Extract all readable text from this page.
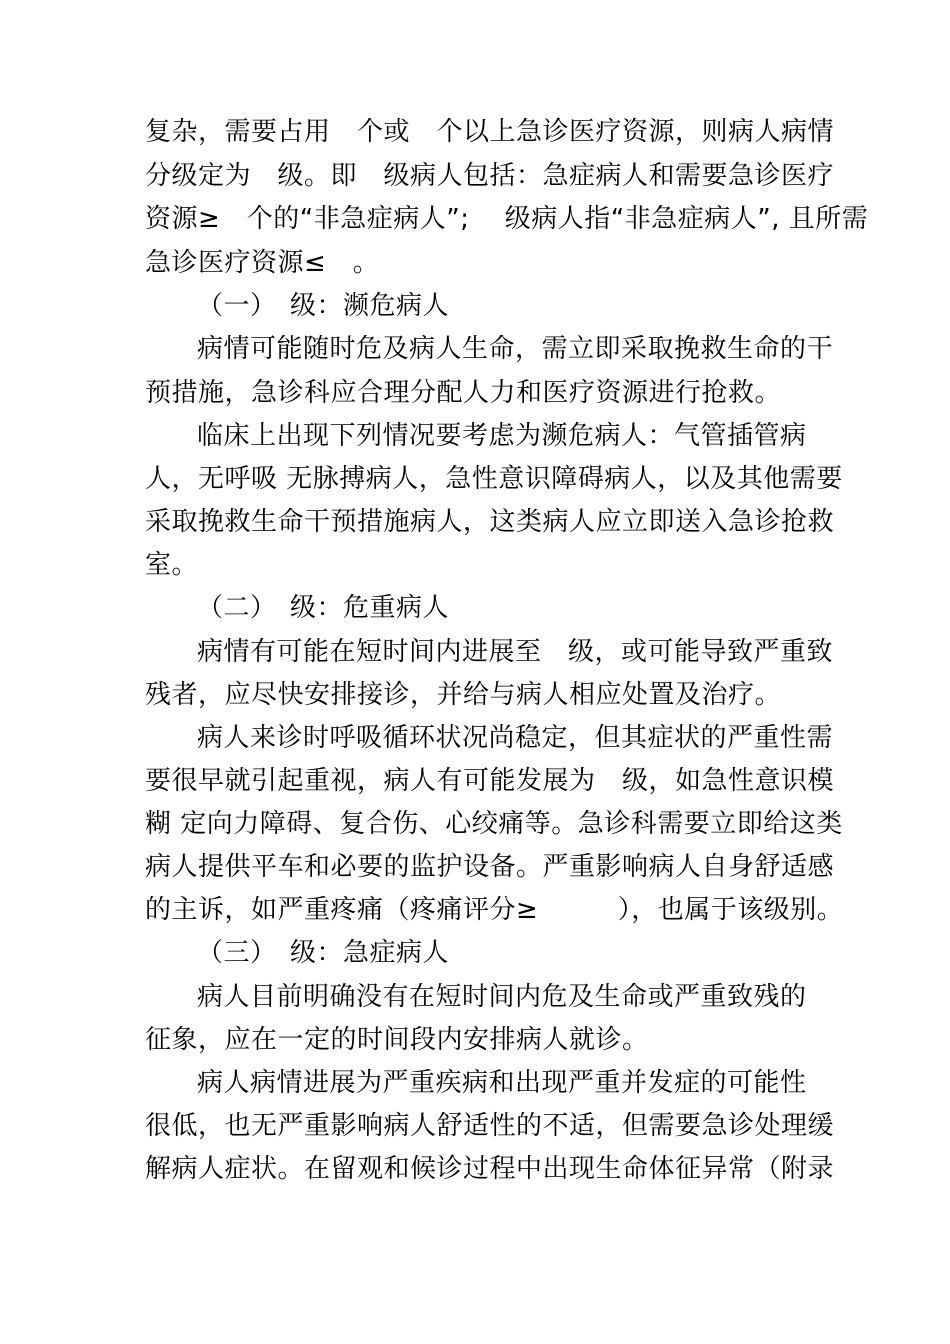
复杂，需要占用　个或　个以上急诊医疗资源，则病人病情
分级定为　级。即　级病人包括：急症病人和需要急诊医疗
资源≥　个的“非急症病人”;　 级病人指“非急症病人”, 且所需
急诊医疗资源≤　。
（一）　级：濒危病人
病情可能随时危及病人生命，需立即采取挽救生命的干
预措施，急诊科应合理分配人力和医疗资源进行抢救。
临床上出现下列情况要考虑为濒危病人：气管插管病
人，无呼吸 无脉搏病人，急性意识障碍病人，以及其他需要
采取挽救生命干预措施病人，这类病人应立即送入急诊抢救
室。
（二）　级：危重病人
病情有可能在短时间内进展至　级，或可能导致严重致
残者，应尽快安排接诊，并给与病人相应处置及治疗。
病人来诊时呼吸循环状况尚稳定，但其症状的严重性需
要很早就引起重视，病人有可能发展为　级，如急性意识模
糊 定向力障碍、复合伤、心绞痛等。急诊科需要立即给这类
病人提供平车和必要的监护设备。严重影响病人自身舒适感
的主诉，如严重疼痛（疼痛评分≥　　　），也属于该级别。
（三）　级：急症病人
病人目前明确没有在短时间内危及生命或严重致残的
征象，应在一定的时间段内安排病人就诊。
病人病情进展为严重疾病和出现严重并发症的可能性
很低，也无严重影响病人舒适性的不适，但需要急诊处理缓
解病人症状。在留观和候诊过程中出现生命体征异常（附录
